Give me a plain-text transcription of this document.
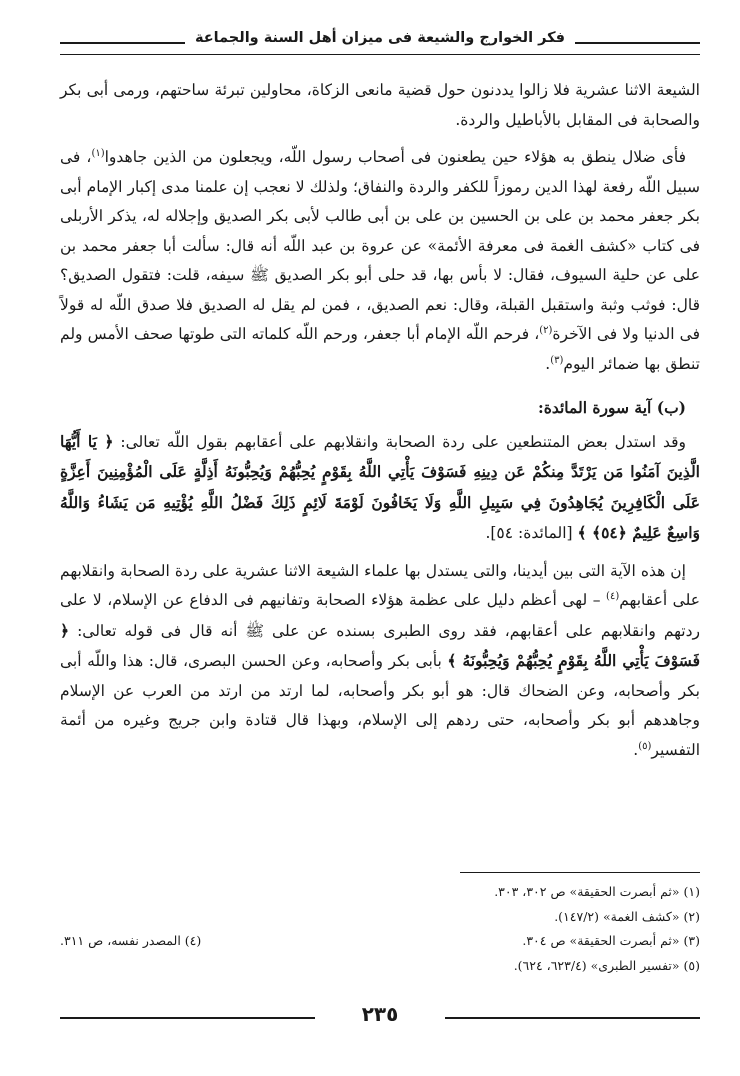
فكر الخوارج والشيعة فى ميزان أهل السنة والجماعة

الشيعة الاثنا عشرية فلا زالوا يددنون حول قضية مانعى الزكاة، محاولين تبرئة ساحتهم، ورمى أبى بكر والصحابة فى المقابل بالأباطيل والردة.

فأى ضلال ينطق به هؤلاء حين يطعنون فى أصحاب رسول اللّه، ويجعلون من الذين جاهدوا$^{(١)}$، فى سبيل اللّه رفعة لهذا الدين رموزاً للكفر والردة والنفاق؛ ولذلك لا نعجب إن علمنا مدى إكبار الإمام أبى بكر جعفر محمد بن على بن الحسين بن على بن أبى طالب لأبى بكر الصديق وإجلاله له، يذكر الأربلى فى كتاب «كشف الغمة فى معرفة الأئمة» عن عروة بن عبد اللّه أنه قال: سألت أبا جعفر محمد بن على عن حلية السيوف، فقال: لا بأس بها، قد حلى أبو بكر الصديق ﷺ سيفه، قلت: فتقول الصديق؟ قال: فوثب وثبة واستقبل القبلة، وقال: نعم الصديق، ، فمن لم يقل له الصديق فلا صدق اللّه له قولاً فى الدنيا ولا فى الآخرة$^{(٢)}$، فرحم اللّه الإمام أبا جعفر، ورحم اللّه كلماته التى طوتها صحف الأمس ولم تنطق بها ضمائر اليوم$^{(٣)}$.

(ب) آية سورة المائدة:

وقد استدل بعض المتنطعين على ردة الصحابة وانقلابهم على أعقابهم بقول اللّه تعالى: ﴿ يَا أَيُّهَا الَّذِينَ آمَنُوا مَن يَرْتَدَّ مِنكُمْ عَن دِينِهِ فَسَوْفَ يَأْتِي اللَّهُ بِقَوْمٍ يُحِبُّهُمْ وَيُحِبُّونَهُ أَذِلَّةٍ عَلَى الْمُؤْمِنِينَ أَعِزَّةٍ عَلَى الْكَافِرِينَ يُجَاهِدُونَ فِي سَبِيلِ اللَّهِ وَلَا يَخَافُونَ لَوْمَةَ لَائِمٍ ذَلِكَ فَضْلُ اللَّهِ يُؤْتِيهِ مَن يَشَاءُ وَاللَّهُ وَاسِعٌ عَلِيمٌ ﴿٥٤﴾ ﴾ [المائدة: ٥٤].

إن هذه الآية التى بين أيدينا، والتى يستدل بها علماء الشيعة الاثنا عشرية على ردة الصحابة وانقلابهم على أعقابهم$^{(٤)}$ – لهى أعظم دليل على عظمة هؤلاء الصحابة وتفانيهم فى الدفاع عن الإسلام، لا على ردتهم وانقلابهم على أعقابهم، فقد روى الطبرى بسنده عن على ﷺ أنه قال فى قوله تعالى: ﴿ فَسَوْفَ يَأْتِي اللَّهُ بِقَوْمٍ يُحِبُّهُمْ وَيُحِبُّونَهُ ﴾ بأبى بكر وأصحابه، وعن الحسن البصرى، قال: هذا واللّه أبى بكر وأصحابه، وعن الضحاك قال: هو أبو بكر وأصحابه، لما ارتد من ارتد من العرب عن الإسلام وجاهدهم أبو بكر وأصحابه، حتى ردهم إلى الإسلام، وبهذا قال قتادة وابن جريج وغيره من أئمة التفسير$^{(٥)}$.

(١) «ثم أبصرت الحقيقة» ص ٣٠٢، ٣٠٣.
(٢) «كشف الغمة» (١٤٧/٢).
(٣) «ثم أبصرت الحقيقة» ص ٣٠٤.
(٤) المصدر نفسه، ص ٣١١.
(٥) «تفسير الطبرى» (٦٢٣/٤، ٦٢٤).
٢٣٥
